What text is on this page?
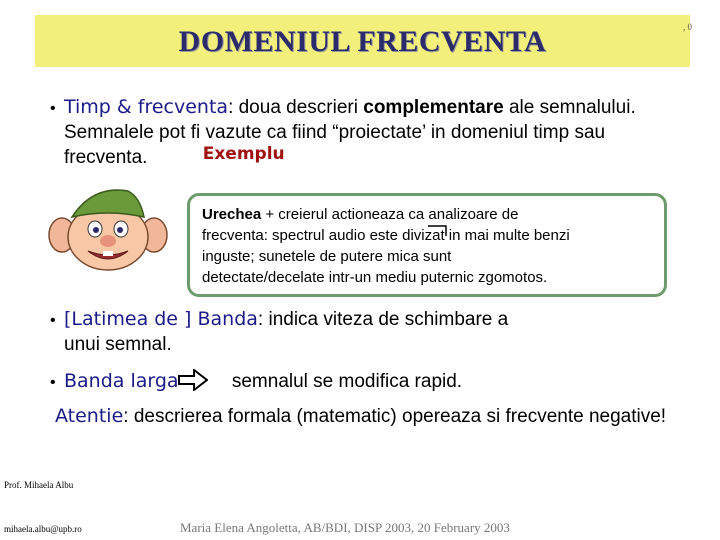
DOMENIUL FRECVENTA	, 0
• Timp & frecventa: doua descrieri complementare ale semnalului.
Semnalele pot fi vazute ca fiind “proiectate’ in domeniul timp sau
frecventa.	Exemplu
Urechea + creierul actioneaza ca analizoare de
frecventa: spectrul audio este divizat in mai multe benzi
inguste; sunetele de putere mica sunt
detectate/decelate intr-un mediu puternic zgomotos.
• [Latimea de ] Banda: indica viteza de schimbare a
unui semnal.
• Banda larga	semnalul se modifica rapid.
Atentie: descrierea formala (matematic) opereaza si frecvente negative!
Prof. Mihaela Albu
mihaela.albu@upb.ro	Maria Elena Angoletta, AB/BDI, DISP 2003, 20 February 2003
